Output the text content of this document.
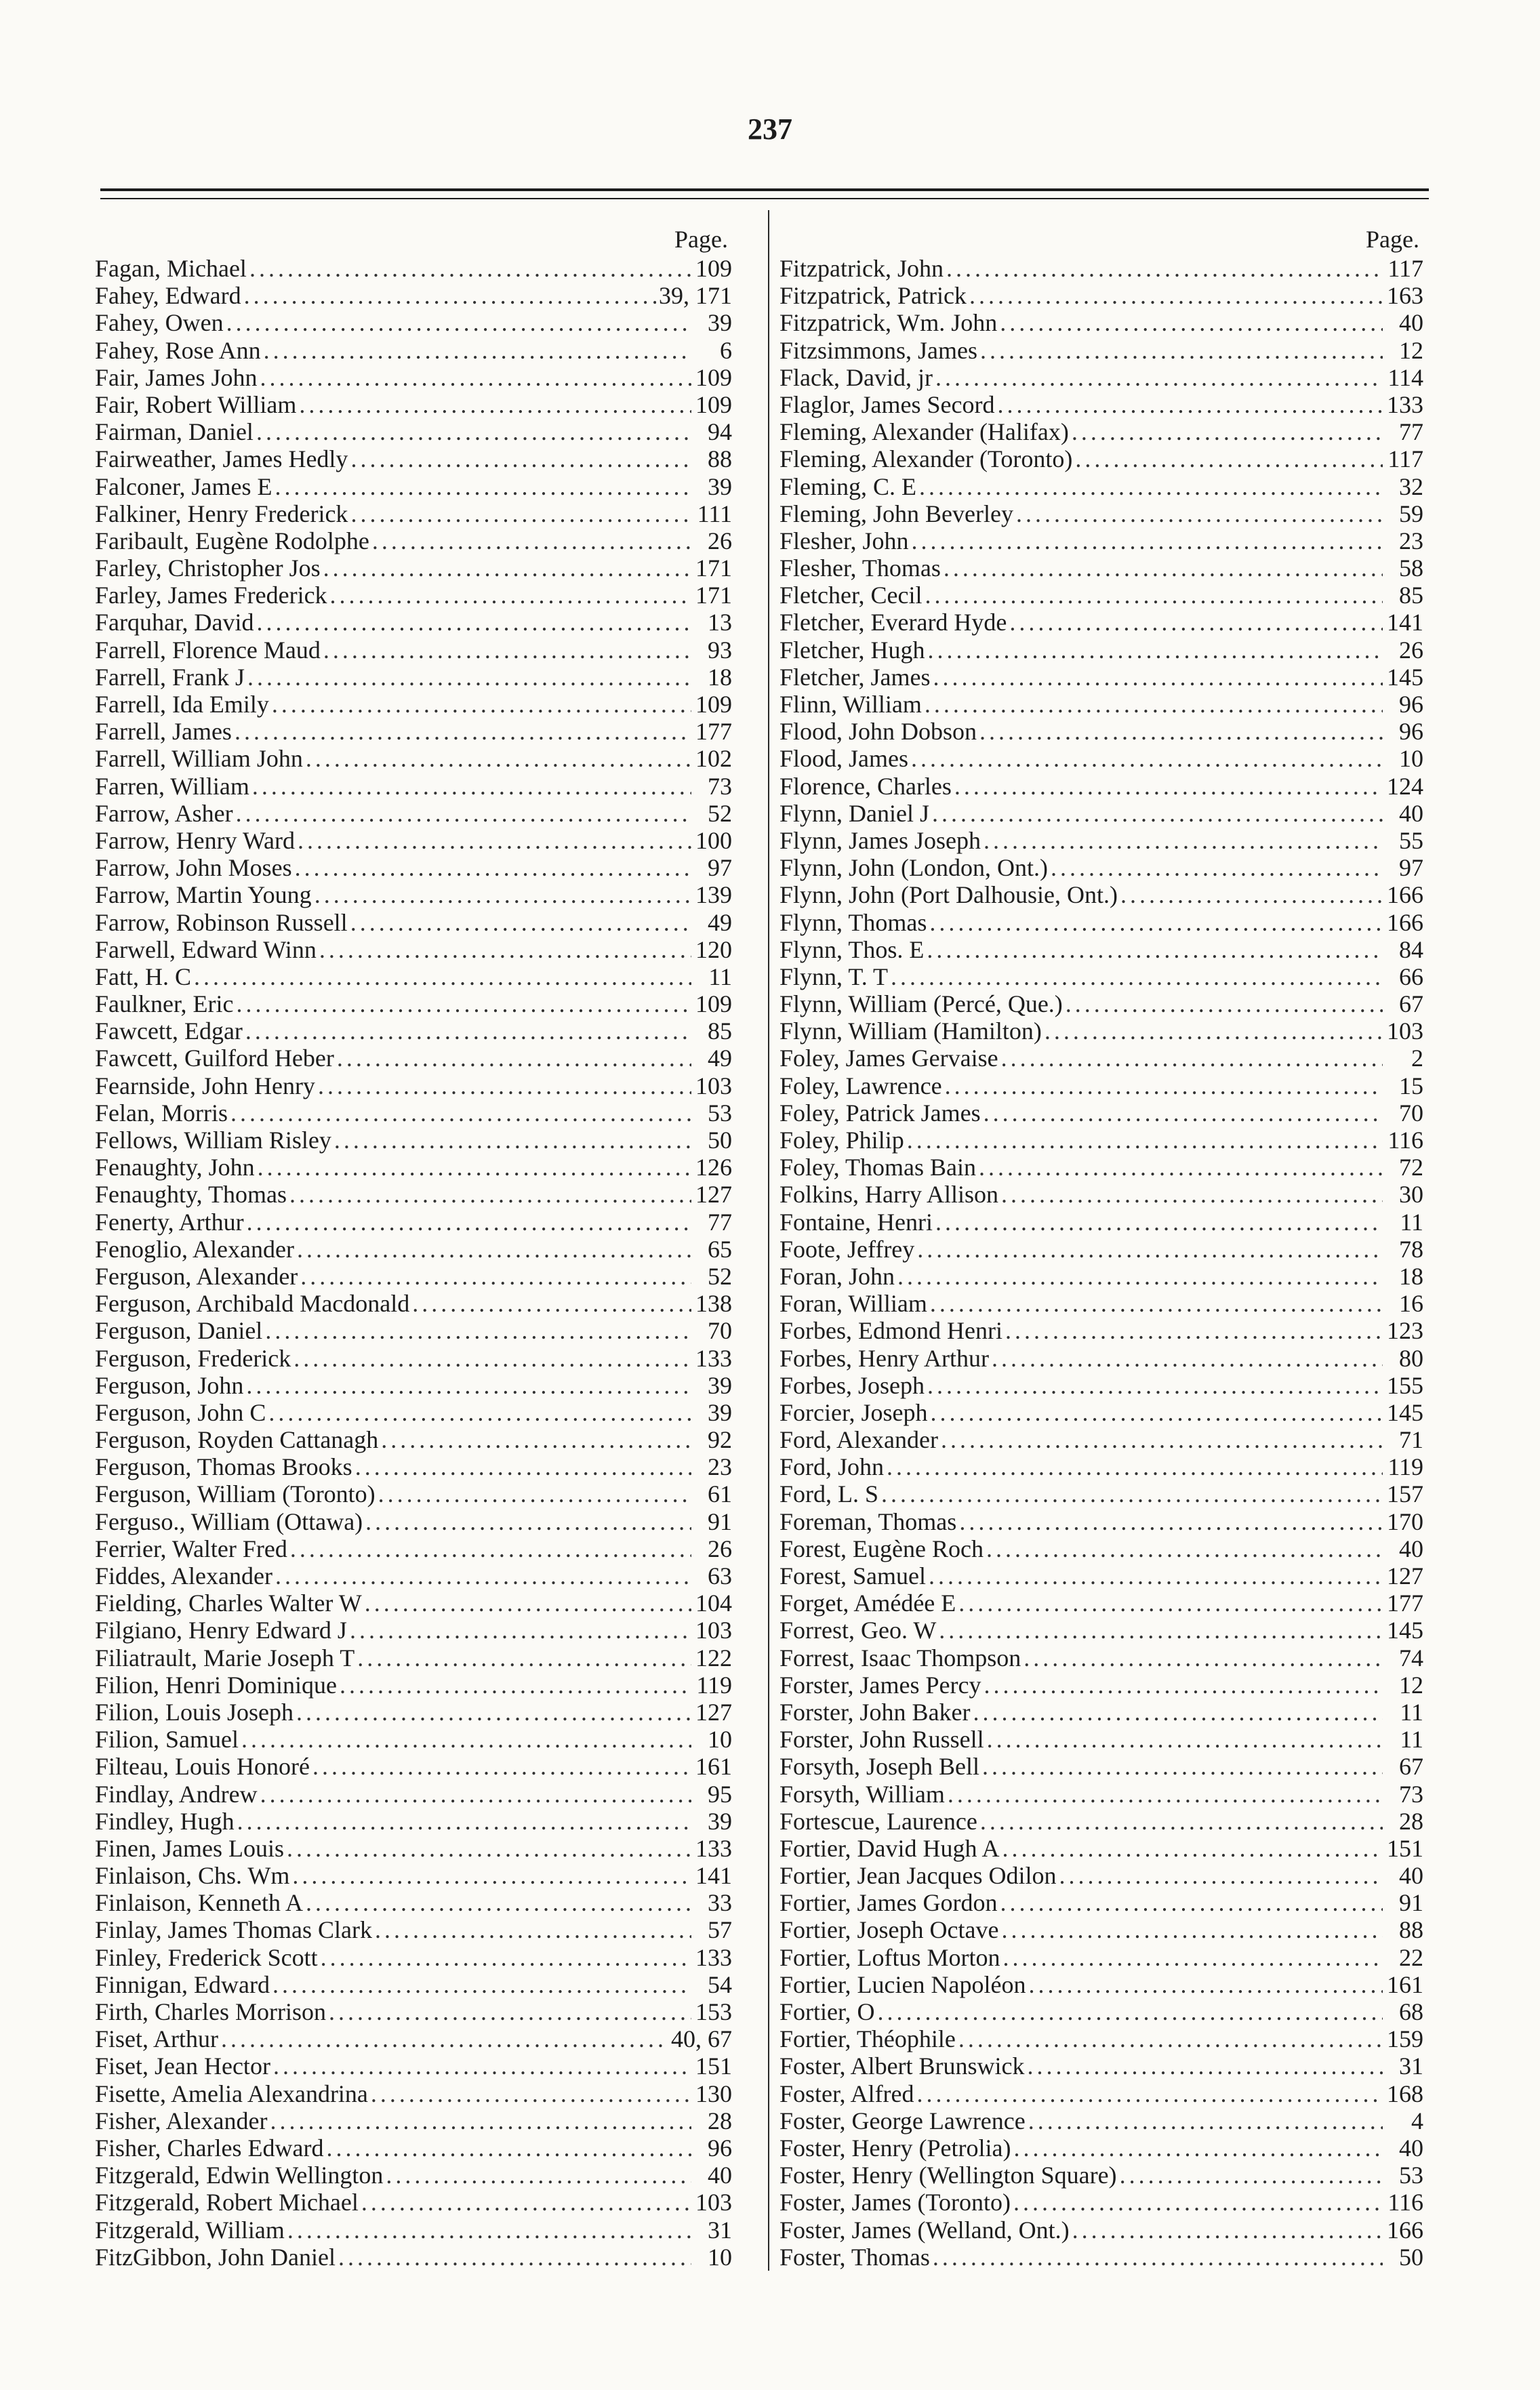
237
Page.
Fagan, Michael . . .	109
Fahey, Edward . . .	39, 171
Fahey, Owen . . .	39
Fahey, Rose Ann . . .	6
Fair, James John . . .	109
Fair, Robert William . . .	109
Fairman, Daniel . . .	94
Fairweather, James Hedly . . .	88
Falconer, James E . . .	39
Falkiner, Henry Frederick . . .	111
Faribault, Eugène Rodolphe . . .	26
Farley, Christopher Jos . . .	171
Farley, James Frederick . . .	171
Farquhar, David . . .	13
Farrell, Florence Maud . . .	93
Farrell, Frank J . . .	18
Farrell, Ida Emily . . .	109
Farrell, James . . .	177
Farrell, William John . . .	102
Farren, William . . .	73
Farrow, Asher . . .	52
Farrow, Henry Ward . . .	100
Farrow, John Moses . . .	97
Farrow, Martin Young . . .	139
Farrow, Robinson Russell . . .	49
Farwell, Edward Winn . . .	120
Fatt, H. C . . .	11
Faulkner, Eric . . .	109
Fawcett, Edgar . . .	85
Fawcett, Guilford Heber . . .	49
Fearnside, John Henry . . .	103
Felan, Morris . . .	53
Fellows, William Risley . . .	50
Fenaughty, John . . .	126
Fenaughty, Thomas . . .	127
Fenerty, Arthur . . .	77
Fenoglio, Alexander . . .	65
Ferguson, Alexander . . .	52
Ferguson, Archibald Macdonald . . .	138
Ferguson, Daniel . . .	70
Ferguson, Frederick . . .	133
Ferguson, John . . .	39
Ferguson, John C . . .	39
Ferguson, Royden Cattanagh . . .	92
Ferguson, Thomas Brooks . . .	23
Ferguson, William (Toronto) . . .	61
Ferguso., William (Ottawa) . . .	91
Ferrier, Walter Fred . . .	26
Fiddes, Alexander . . .	63
Fielding, Charles Walter W . . .	104
Filgiano, Henry Edward J . . .	103
Filiatrault, Marie Joseph T . . .	122
Filion, Henri Dominique . . .	119
Filion, Louis Joseph . . .	127
Filion, Samuel . . .	10
Filteau, Louis Honoré . . .	161
Findlay, Andrew . . .	95
Findley, Hugh . . .	39
Finen, James Louis . . .	133
Finlaison, Chs. Wm . . .	141
Finlaison, Kenneth A . . .	33
Finlay, James Thomas Clark . . .	57
Finley, Frederick Scott . . .	133
Finnigan, Edward . . .	54
Firth, Charles Morrison . . .	153
Fiset, Arthur . . .	40, 67
Fiset, Jean Hector . . .	151
Fisette, Amelia Alexandrina . . .	130
Fisher, Alexander . . .	28
Fisher, Charles Edward . . .	96
Fitzgerald, Edwin Wellington . . .	40
Fitzgerald, Robert Michael . . .	103
Fitzgerald, William . . .	31
FitzGibbon, John Daniel . . .	10
Page.
Fitzpatrick, John . . .	117
Fitzpatrick, Patrick . . .	163
Fitzpatrick, Wm. John . . .	40
Fitzsimmons, James . . .	12
Flack, David, jr . . .	114
Flaglor, James Secord . . .	133
Fleming, Alexander (Halifax) . . .	77
Fleming, Alexander (Toronto) . . .	117
Fleming, C. E . . .	32
Fleming, John Beverley . . .	59
Flesher, John . . .	23
Flesher, Thomas . . .	58
Fletcher, Cecil . . .	85
Fletcher, Everard Hyde . . .	141
Fletcher, Hugh . . .	26
Fletcher, James . . .	145
Flinn, William . . .	96
Flood, John Dobson . . .	96
Flood, James . . .	10
Florence, Charles . . .	124
Flynn, Daniel J . . .	40
Flynn, James Joseph . . .	55
Flynn, John (London, Ont.) . . .	97
Flynn, John (Port Dalhousie, Ont.) . . .	166
Flynn, Thomas . . .	166
Flynn, Thos. E . . .	84
Flynn, T. T . . .	66
Flynn, William (Percé, Que.) . . .	67
Flynn, William (Hamilton) . . .	103
Foley, James Gervaise . . .	2
Foley, Lawrence . . .	15
Foley, Patrick James . . .	70
Foley, Philip . . .	116
Foley, Thomas Bain . . .	72
Folkins, Harry Allison . . .	30
Fontaine, Henri . . .	11
Foote, Jeffrey . . .	78
Foran, John . . .	18
Foran, William . . .	16
Forbes, Edmond Henri . . .	123
Forbes, Henry Arthur . . .	80
Forbes, Joseph . . .	155
Forcier, Joseph . . .	145
Ford, Alexander . . .	71
Ford, John . . .	119
Ford, L. S . . .	157
Foreman, Thomas . . .	170
Forest, Eugène Roch . . .	40
Forest, Samuel . . .	127
Forget, Amédée E . . .	177
Forrest, Geo. W . . .	145
Forrest, Isaac Thompson . . .	74
Forster, James Percy . . .	12
Forster, John Baker . . .	11
Forster, John Russell . . .	11
Forsyth, Joseph Bell . . .	67
Forsyth, William . . .	73
Fortescue, Laurence . . .	28
Fortier, David Hugh A . . .	151
Fortier, Jean Jacques Odilon . . .	40
Fortier, James Gordon . . .	91
Fortier, Joseph Octave . . .	88
Fortier, Loftus Morton . . .	22
Fortier, Lucien Napoléon . . .	161
Fortier, O . . .	68
Fortier, Théophile . . .	159
Foster, Albert Brunswick . . .	31
Foster, Alfred . . .	168
Foster, George Lawrence . . .	4
Foster, Henry (Petrolia) . . .	40
Foster, Henry (Wellington Square) . . .	53
Foster, James (Toronto) . . .	116
Foster, James (Welland, Ont.) . . .	166
Foster, Thomas . . .	50
